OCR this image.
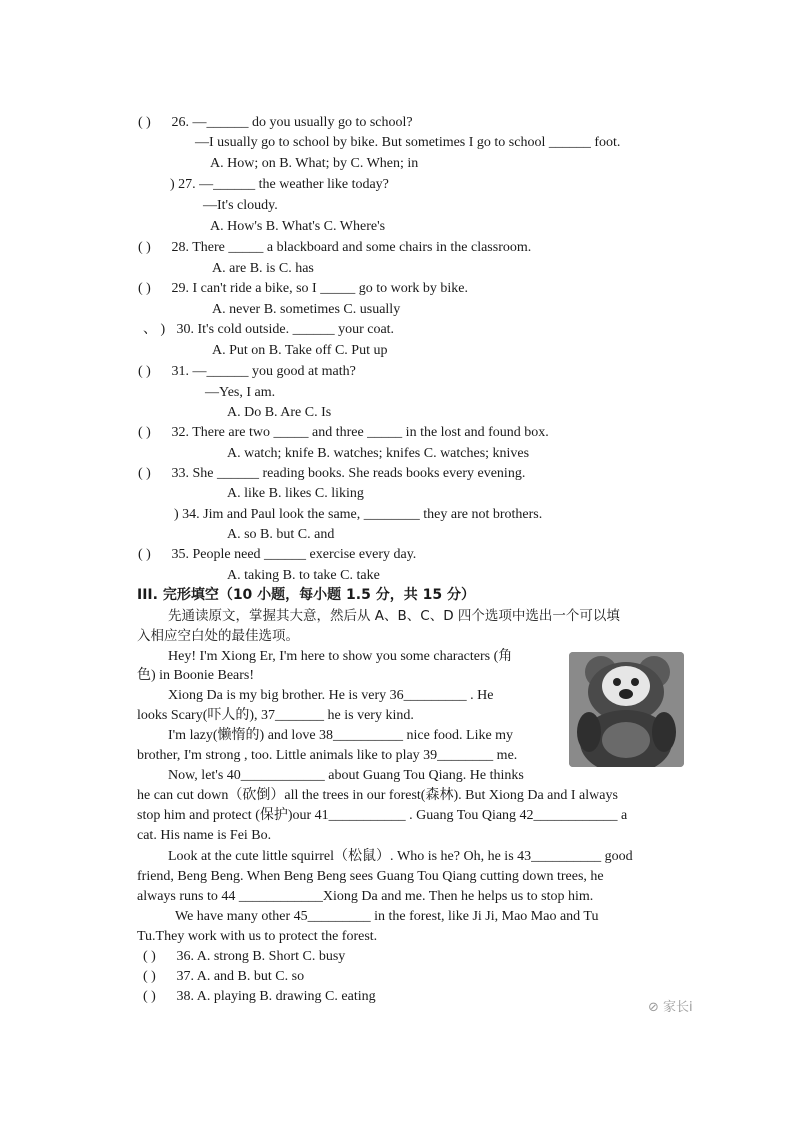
( ) 26. —______ do you usually go to school?
—I usually go to school by bike. But sometimes I go to school ______ foot.
A. How; on B. What; by C. When; in
) 27. —______ the weather like today?
—It's cloudy.
A. How's B. What's C. Where's
( ) 28. There _____ a blackboard and some chairs in the classroom.
A. are B. is C. has
( ) 29. I can't ride a bike, so I _____ go to work by bike.
A. never B. sometimes C. usually
、 ) 30. It's cold outside. ______ your coat.
A. Put on B. Take off C. Put up
( ) 31. —______ you good at math?
—Yes, I am.
A. Do B. Are C. Is
( ) 32. There are two _____ and three _____ in the lost and found box.
A. watch; knife B. watches; knifes C. watches; knives
( ) 33. She ______ reading books. She reads books every evening.
A. like B. likes C. liking
) 34. Jim and Paul look the same, ________ they are not brothers.
A. so B. but C. and
( ) 35. People need ______ exercise every day.
A. taking B. to take C. take
III. 完形填空（10 小题，每小题 1.5 分，共 15 分）
先通读原文，掌握其大意，然后从 A、B、C、D 四个选项中选出一个可以填
入相应空白处的最佳选项。
Hey! I'm Xiong Er, I'm here to show you some characters (角
色) in Boonie Bears!
Xiong Da is my big brother. He is very 36_________ . He
looks Scary(吓人的), 37_______ he is very kind.
I'm lazy(懒惰的) and love 38__________ nice food. Like my
brother, I'm strong , too. Little animals like to play 39________ me.
Now, let's 40____________ about Guang Tou Qiang. He thinks
he can cut down（砍倒）all the trees in our forest(森林). But Xiong Da and I always
stop him and protect (保护)our 41___________ . Guang Tou Qiang 42____________ a
cat. His name is Fei Bo.
Look at the cute little squirrel（松鼠）. Who is he? Oh, he is 43__________ good
friend, Beng Beng. When Beng Beng sees Guang Tou Qiang cutting down trees, he
always runs to 44 ____________Xiong Da and me. Then he helps us to stop him.
We have many other 45_________ in the forest, like Ji Ji, Mao Mao and Tu
Tu.They work with us to protect the forest.
( ) 36. A. strong B. Short C. busy
( ) 37. A. and B. but C. so
( ) 38. A. playing B. drawing C. eating
⊘ 家长i
